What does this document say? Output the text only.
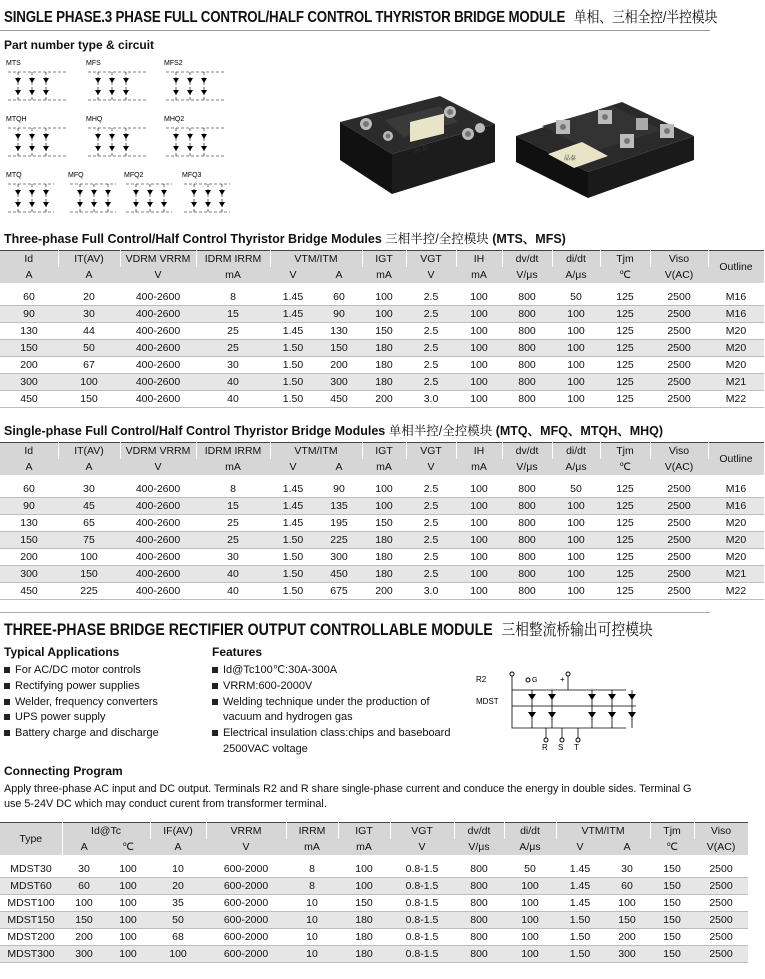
SINGLE PHASE.3 PHASE FULL CONTROL/HALF CONTROL THYRISTOR BRIDGE MODULE 单相、三相全控/半控模块
Part number type & circuit
MTS	MFS	MFS2
MTQH	MHQ	MHQ2
MTQ	MFQ	MFQ2	MFQ3
晶泰
晶泰
Three-phase Full Control/Half Control Thyristor Bridge Modules 三相半控/全控模块 (MTS、MFS)
Id	IT(AV)	VDRM VRRM	IDRM IRRM	VTM/ITM		IGT	VGT	IH	dv/dt	di/dt	Tjm	Viso	Outline
A	A	V	mA	V	A	mA	V	mA	V/μs	A/μs	℃	V(AC)	

60	20	400-2600	8	1.45	60	100	2.5	100	800	50	125	2500	M16
90	30	400-2600	15	1.45	90	100	2.5	100	800	100	125	2500	M16
130	44	400-2600	25	1.45	130	150	2.5	100	800	100	125	2500	M20
150	50	400-2600	25	1.50	150	180	2.5	100	800	100	125	2500	M20
200	67	400-2600	30	1.50	200	180	2.5	100	800	100	125	2500	M20
300	100	400-2600	40	1.50	300	180	2.5	100	800	100	125	2500	M21
450	150	400-2600	40	1.50	450	200	3.0	100	800	100	125	2500	M22
Single-phase Full Control/Half Control Thyristor Bridge Modules 单相半控/全控模块 (MTQ、MFQ、MTQH、MHQ)
Id	IT(AV)	VDRM VRRM	IDRM IRRM	VTM/ITM		IGT	VGT	IH	dv/dt	di/dt	Tjm	Viso	Outline
A	A	V	mA	V	A	mA	V	mA	V/μs	A/μs	℃	V(AC)	

60	30	400-2600	8	1.45	90	100	2.5	100	800	50	125	2500	M16
90	45	400-2600	15	1.45	135	100	2.5	100	800	100	125	2500	M16
130	65	400-2600	25	1.45	195	150	2.5	100	800	100	125	2500	M20
150	75	400-2600	25	1.50	225	180	2.5	100	800	100	125	2500	M20
200	100	400-2600	30	1.50	300	180	2.5	100	800	100	125	2500	M20
300	150	400-2600	40	1.50	450	180	2.5	100	800	100	125	2500	M21
450	225	400-2600	40	1.50	675	200	3.0	100	800	100	125	2500	M22
THREE-PHASE BRIDGE RECTIFIER OUTPUT CONTROLLABLE MODULE 三相整流桥输出可控模块
Typical Applications
For AC/DC motor controls
Rectifying power supplies
Welder, frequency converters
UPS power supply
Battery charge and discharge
Features
Id@Tc100℃:30A-300A
VRRM:600-2000V
Welding technique under the production of vacuum and hydrogen gas
Electrical insulation class:chips and baseboard 2500VAC voltage
R2	G	+
MDST
R S T
Connecting Program
Apply three-phase AC input and DC output. Terminals R2 and R share single-phase current and conduce the energy in double sides. Terminal G use 5-24V DC which may conduct curent from transformer terminal.
Type	Id@Tc		IF(AV)	VRRM	IRRM	IGT	VGT	dv/dt	di/dt	VTM/ITM		Tjm	Viso
	A	℃	A	V	mA	mA	V	V/μs	A/μs	V	A	℃	V(AC)

MDST30	30	100	10	600-2000	8	100	0.8-1.5	800	50	1.45	30	150	2500
MDST60	60	100	20	600-2000	8	100	0.8-1.5	800	100	1.45	60	150	2500
MDST100	100	100	35	600-2000	10	150	0.8-1.5	800	100	1.45	100	150	2500
MDST150	150	100	50	600-2000	10	180	0.8-1.5	800	100	1.50	150	150	2500
MDST200	200	100	68	600-2000	10	180	0.8-1.5	800	100	1.50	200	150	2500
MDST300	300	100	100	600-2000	10	180	0.8-1.5	800	100	1.50	300	150	2500
